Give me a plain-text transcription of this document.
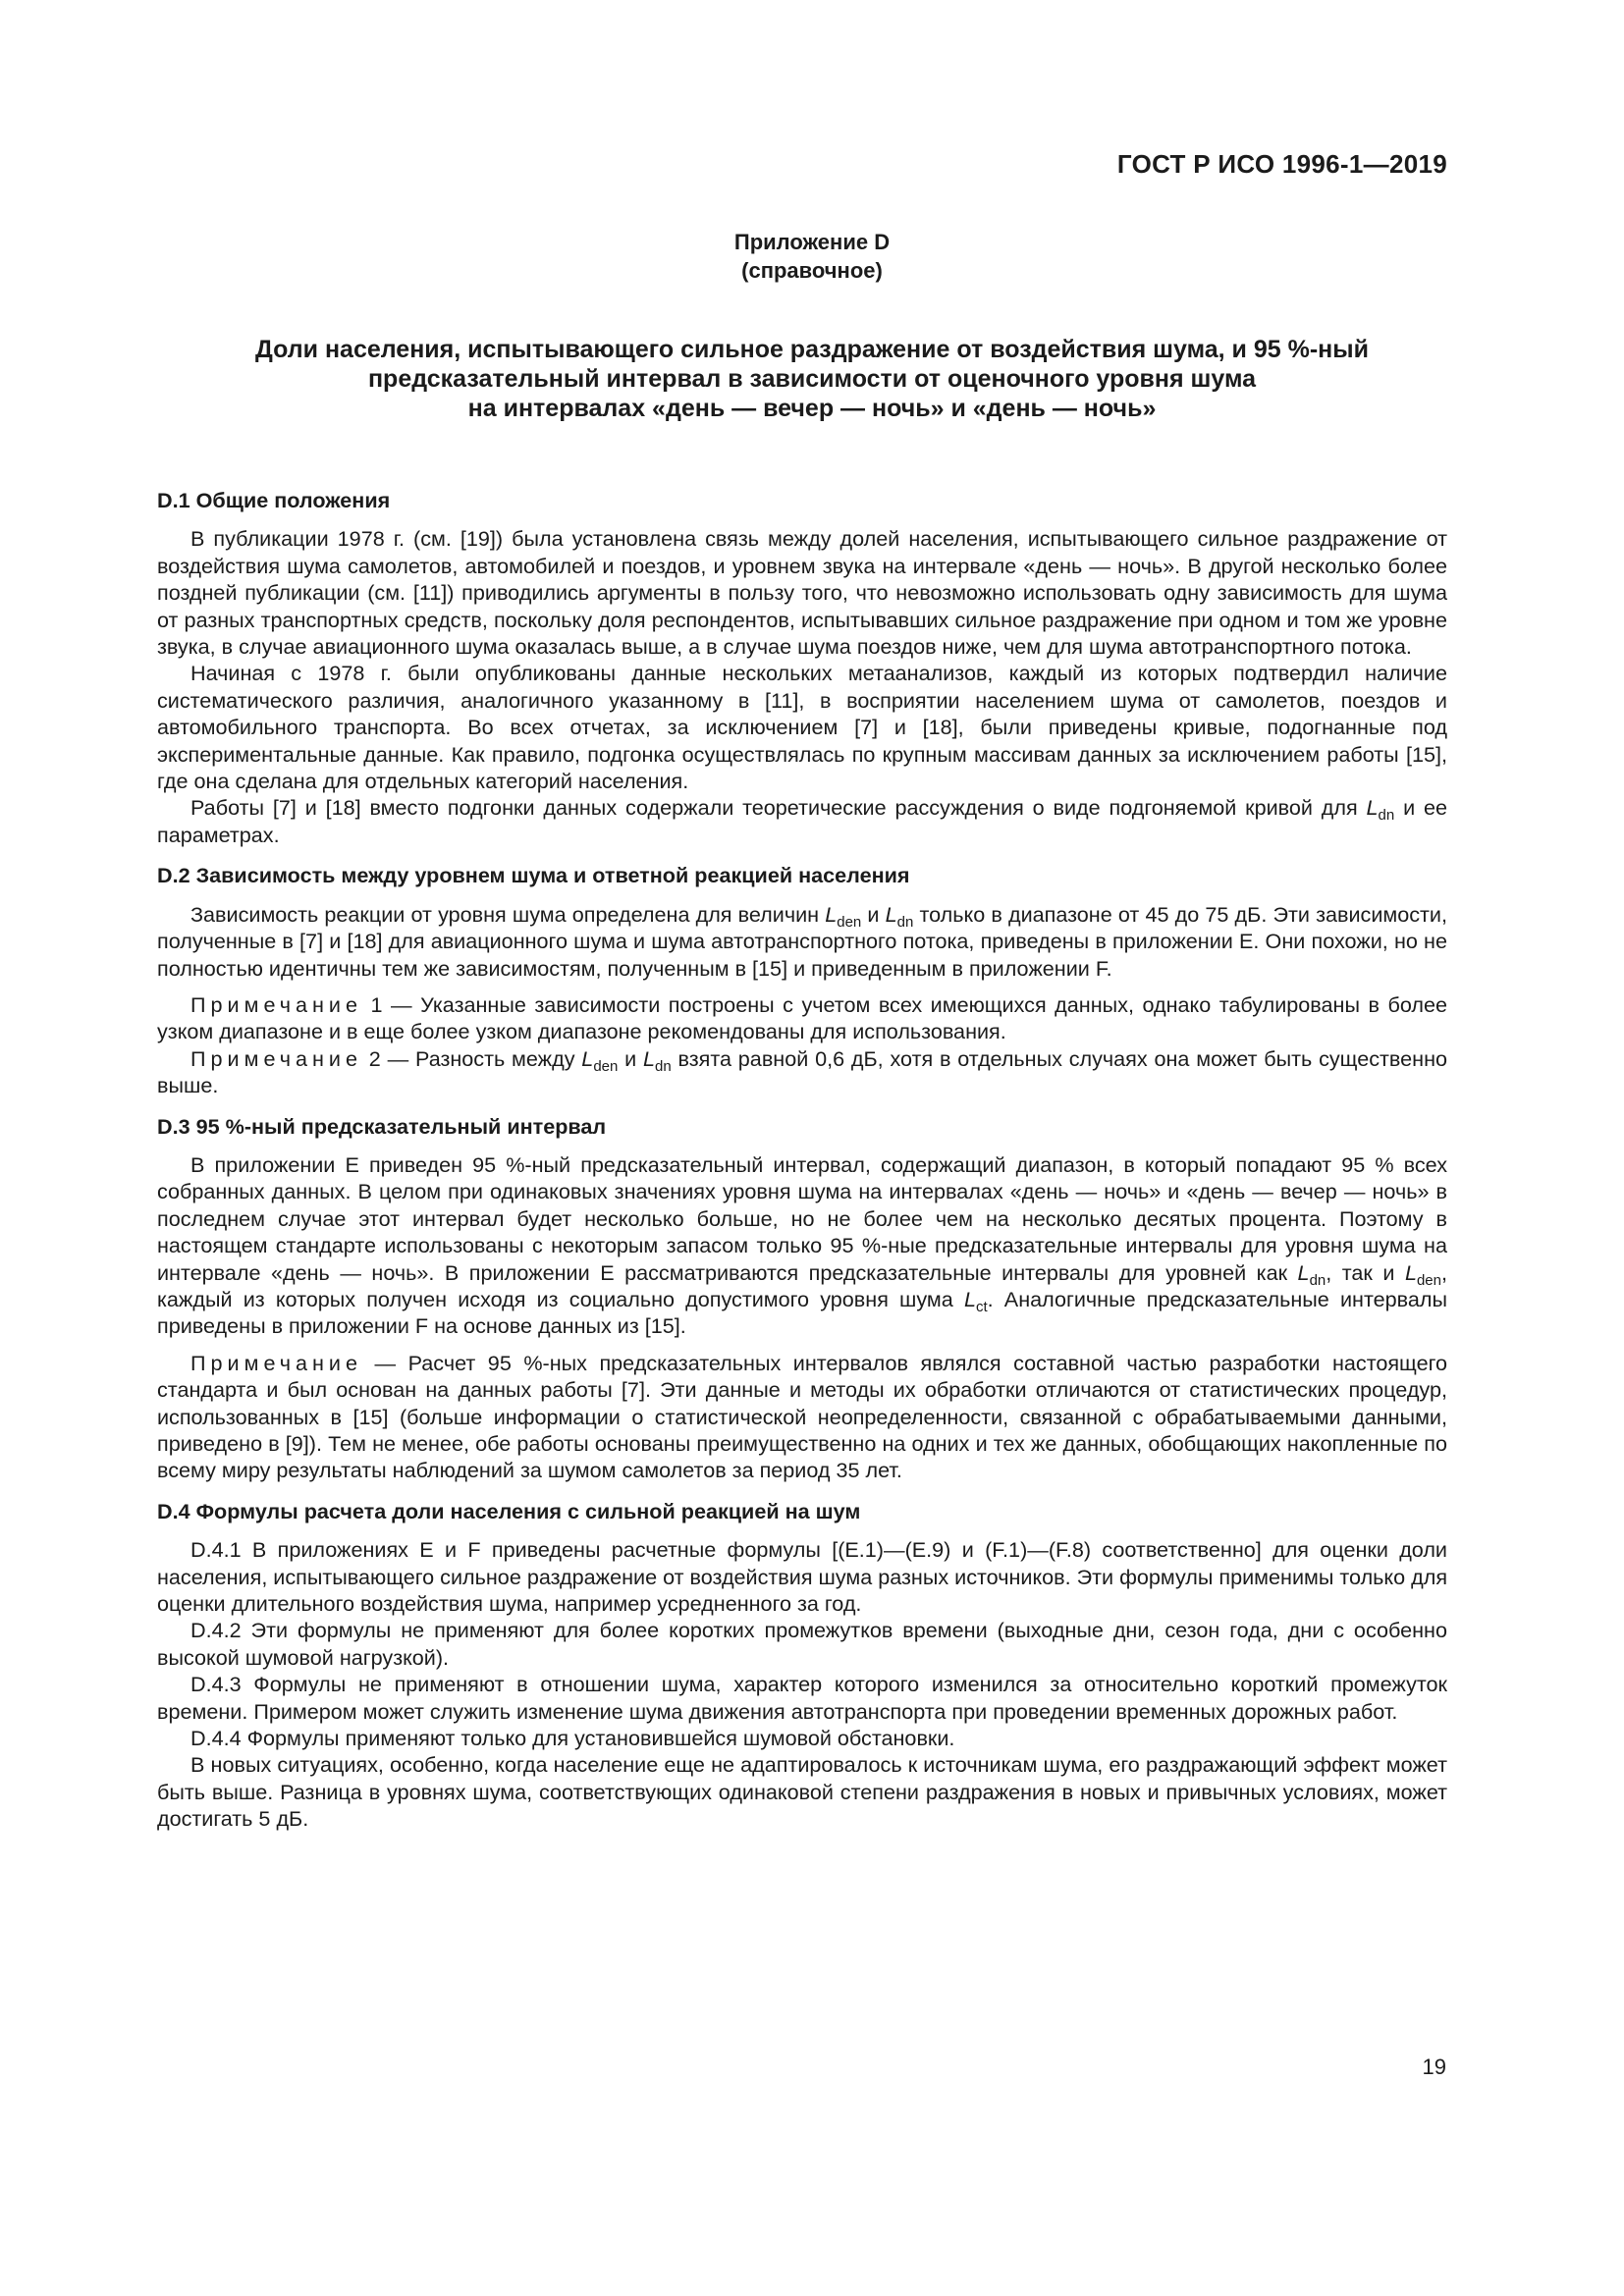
ГОСТ Р ИСО 1996-1—2019
Приложение D
(справочное)
Доли населения, испытывающего сильное раздражение от воздействия шума, и 95 %-ный
предсказательный интервал в зависимости от оценочного уровня шума
на интервалах «день — вечер — ночь» и «день — ночь»
D.1 Общие положения

В публикации 1978 г. (см. [19]) была установлена связь между долей населения, испытывающего сильное раздражение от воздействия шума самолетов, автомобилей и поездов, и уровнем звука на интервале «день — ночь». В другой несколько более поздней публикации (см. [11]) приводились аргументы в пользу того, что невозможно использовать одну зависимость для шума от разных транспортных средств, поскольку доля респондентов, испытывавших сильное раздражение при одном и том же уровне звука, в случае авиационного шума оказалась выше, а в случае шума поездов ниже, чем для шума автотранспортного потока.

Начиная с 1978 г. были опубликованы данные нескольких метаанализов, каждый из которых подтвердил наличие систематического различия, аналогичного указанному в [11], в восприятии населением шума от самолетов, поездов и автомобильного транспорта. Во всех отчетах, за исключением [7] и [18], были приведены кривые, подогнанные под экспериментальные данные. Как правило, подгонка осуществлялась по крупным массивам данных за исключением работы [15], где она сделана для отдельных категорий населения.

Работы [7] и [18] вместо подгонки данных содержали теоретические рассуждения о виде подгоняемой кривой для $L_{dn}$ и ее параметрах.

D.2 Зависимость между уровнем шума и ответной реакцией населения

Зависимость реакции от уровня шума определена для величин $L_{den}$ и $L_{dn}$ только в диапазоне от 45 до 75 дБ. Эти зависимости, полученные в [7] и [18] для авиационного шума и шума автотранспортного потока, приведены в приложении E. Они похожи, но не полностью идентичны тем же зависимостям, полученным в [15] и приведенным в приложении F.

Примечание 1 — Указанные зависимости построены с учетом всех имеющихся данных, однако табулированы в более узком диапазоне и в еще более узком диапазоне рекомендованы для использования.

Примечание 2 — Разность между $L_{den}$ и $L_{dn}$ взята равной 0,6 дБ, хотя в отдельных случаях она может быть существенно выше.

D.3 95 %-ный предсказательный интервал

В приложении E приведен 95 %-ный предсказательный интервал, содержащий диапазон, в который попадают 95 % всех собранных данных. В целом при одинаковых значениях уровня шума на интервалах «день — ночь» и «день — вечер — ночь» в последнем случае этот интервал будет несколько больше, но не более чем на несколько десятых процента. Поэтому в настоящем стандарте использованы с некоторым запасом только 95 %-ные предсказательные интервалы для уровня шума на интервале «день — ночь». В приложении E рассматриваются предсказательные интервалы для уровней как $L_{dn}$, так и $L_{den}$, каждый из которых получен исходя из социально допустимого уровня шума $L_{ct}$. Аналогичные предсказательные интервалы приведены в приложении F на основе данных из [15].

Примечание — Расчет 95 %-ных предсказательных интервалов являлся составной частью разработки настоящего стандарта и был основан на данных работы [7]. Эти данные и методы их обработки отличаются от статистических процедур, использованных в [15] (больше информации о статистической неопределенности, связанной с обрабатываемыми данными, приведено в [9]). Тем не менее, обе работы основаны преимущественно на одних и тех же данных, обобщающих накопленные по всему миру результаты наблюдений за шумом самолетов за период 35 лет.

D.4 Формулы расчета доли населения с сильной реакцией на шум

D.4.1 В приложениях E и F приведены расчетные формулы [(E.1)—(E.9) и (F.1)—(F.8) соответственно] для оценки доли населения, испытывающего сильное раздражение от воздействия шума разных источников. Эти формулы применимы только для оценки длительного воздействия шума, например усредненного за год.

D.4.2 Эти формулы не применяют для более коротких промежутков времени (выходные дни, сезон года, дни с особенно высокой шумовой нагрузкой).

D.4.3 Формулы не применяют в отношении шума, характер которого изменился за относительно короткий промежуток времени. Примером может служить изменение шума движения автотранспорта при проведении временных дорожных работ.

D.4.4 Формулы применяют только для установившейся шумовой обстановки.

В новых ситуациях, особенно, когда население еще не адаптировалось к источникам шума, его раздражающий эффект может быть выше. Разница в уровнях шума, соответствующих одинаковой степени раздражения в новых и привычных условиях, может достигать 5 дБ.

19
